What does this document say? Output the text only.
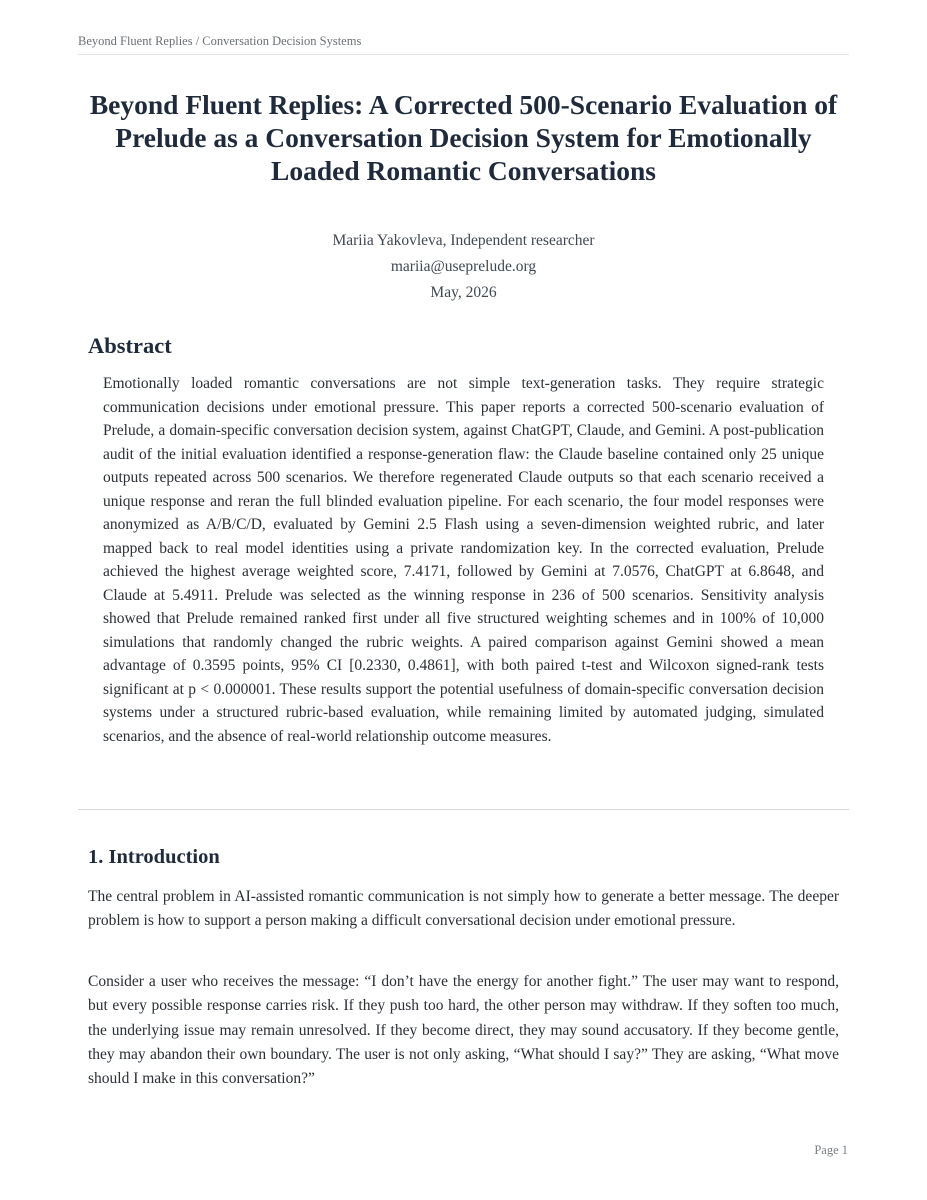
Beyond Fluent Replies / Conversation Decision Systems
Beyond Fluent Replies: A Corrected 500-Scenario Evaluation of
Prelude as a Conversation Decision System for Emotionally Loaded Romantic Conversations
Mariia Yakovleva, Independent researcher
mariia@useprelude.org
May, 2026
Abstract

Emotionally loaded romantic conversations are not simple text-generation tasks. They require strategic communication decisions under emotional pressure. This paper reports a corrected 500-scenario evaluation of Prelude, a domain-specific conversation decision system, against ChatGPT, Claude, and Gemini. A post-publication audit of the initial evaluation identified a response-generation flaw: the Claude baseline contained only 25 unique outputs repeated across 500 scenarios. We therefore regenerated Claude outputs so that each scenario received a unique response and reran the full blinded evaluation pipeline. For each scenario, the four model responses were anonymized as A/B/C/D, evaluated by Gemini 2.5 Flash using a seven-dimension weighted rubric, and later mapped back to real model identities using a private randomization key. In the corrected evaluation, Prelude achieved the highest average weighted score, 7.4171, followed by Gemini at 7.0576, ChatGPT at 6.8648, and Claude at 5.4911. Prelude was selected as the winning response in 236 of 500 scenarios. Sensitivity analysis showed that Prelude remained ranked first under all five structured weighting schemes and in 100% of 10,000 simulations that randomly changed the rubric weights. A paired comparison against Gemini showed a mean advantage of 0.3595 points, 95% CI [0.2330, 0.4861], with both paired t-test and Wilcoxon signed-rank tests significant at p < 0.000001. These results support the potential usefulness of domain-specific conversation decision systems under a structured rubric-based evaluation, while remaining limited by automated judging, simulated scenarios, and the absence of real-world relationship outcome measures.

1. Introduction

The central problem in AI-assisted romantic communication is not simply how to generate a better message. The deeper problem is how to support a person making a difficult conversational decision under emotional pressure.

Consider a user who receives the message: “I don’t have the energy for another fight.” The user may want to respond, but every possible response carries risk. If they push too hard, the other person may withdraw. If they soften too much, the underlying issue may remain unresolved. If they become direct, they may sound accusatory. If they become gentle, they may abandon their own boundary. The user is not only asking, “What should I say?” They are asking, “What move should I make in this conversation?”

Page 1
